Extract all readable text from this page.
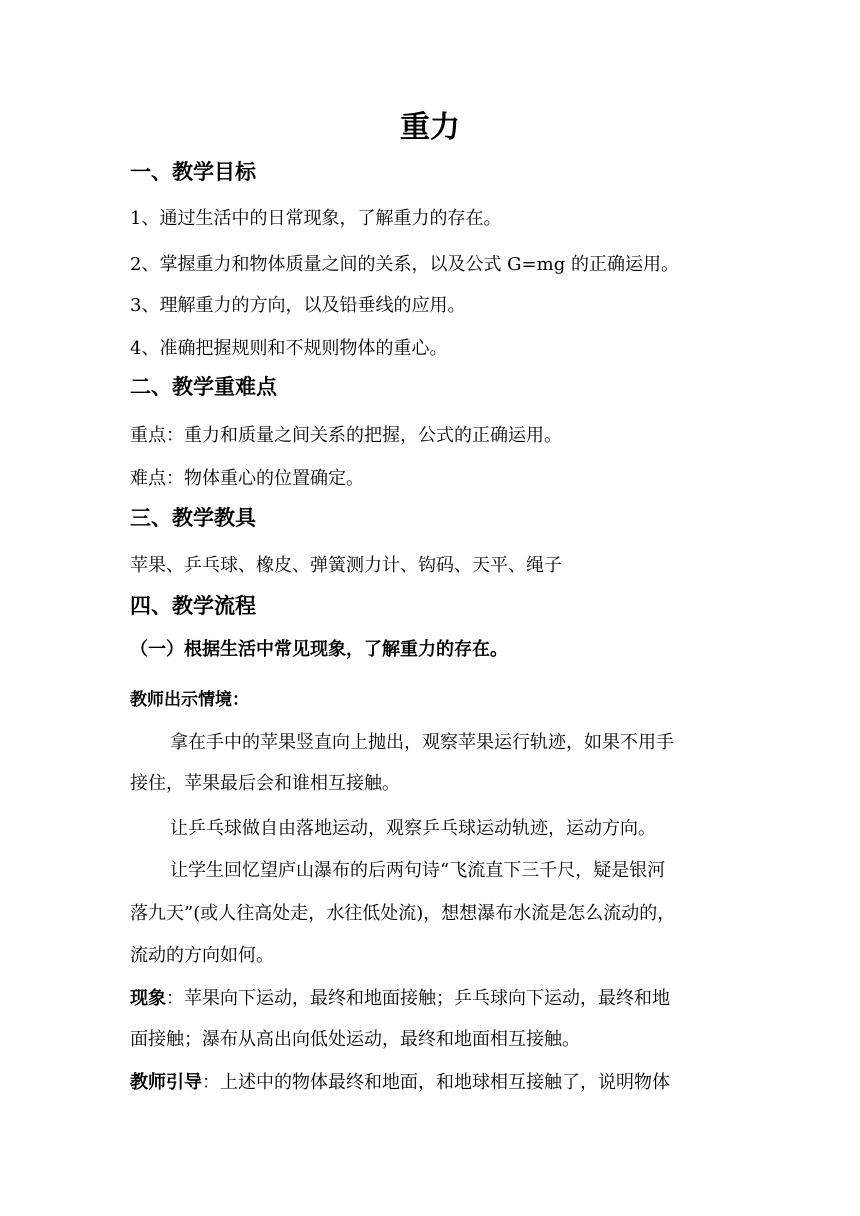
重力
一、教学目标

1、通过生活中的日常现象，了解重力的存在。

2、掌握重力和物体质量之间的关系，以及公式 G=mg 的正确运用。

3、理解重力的方向，以及铅垂线的应用。

4、准确把握规则和不规则物体的重心。

二、教学重难点

重点：重力和质量之间关系的把握，公式的正确运用。

难点：物体重心的位置确定。

三、教学教具

苹果、乒乓球、橡皮、弹簧测力计、钩码、天平、绳子

四、教学流程
（一）根据生活中常见现象，了解重力的存在。
教师出示情境：

拿在手中的苹果竖直向上抛出，观察苹果运行轨迹，如果不用手

接住，苹果最后会和谁相互接触。

让乒乓球做自由落地运动，观察乒乓球运动轨迹，运动方向。

让学生回忆望庐山瀑布的后两句诗“飞流直下三千尺，疑是银河

落九天”(或人往高处走，水往低处流)，想想瀑布水流是怎么流动的，

流动的方向如何。

现象：苹果向下运动，最终和地面接触；乒乓球向下运动，最终和地

面接触；瀑布从高出向低处运动，最终和地面相互接触。

教师引导：上述中的物体最终和地面，和地球相互接触了，说明物体
